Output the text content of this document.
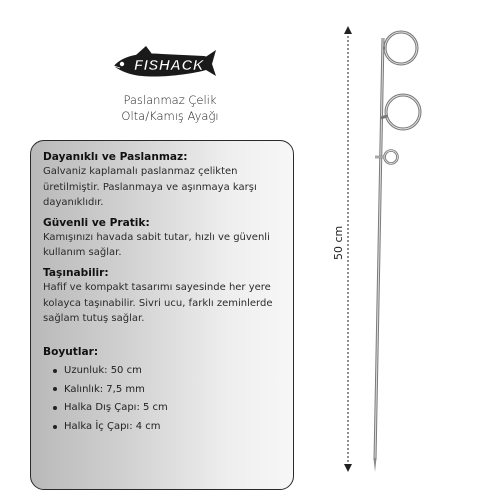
FISHACK
Paslanmaz Çelik
Olta/Kamış Ayağı
Dayanıklı ve Paslanmaz:
Galvaniz kaplamalı paslanmaz çelikten üretilmiştir. Paslanmaya ve aşınmaya karşı dayanıklıdır.
Güvenli ve Pratik:
Kamışınızı havada sabit tutar, hızlı ve güvenli kullanım sağlar.
Taşınabilir:
Hafif ve kompakt tasarımı sayesinde her yere kolayca taşınabilir. Sivri ucu, farklı zeminlerde sağlam tutuş sağlar.
Boyutlar:
Uzunluk: 50 cm
Kalınlık: 7,5 mm
Halka Dış Çapı: 5 cm
Halka İç Çapı: 4 cm
50 cm
